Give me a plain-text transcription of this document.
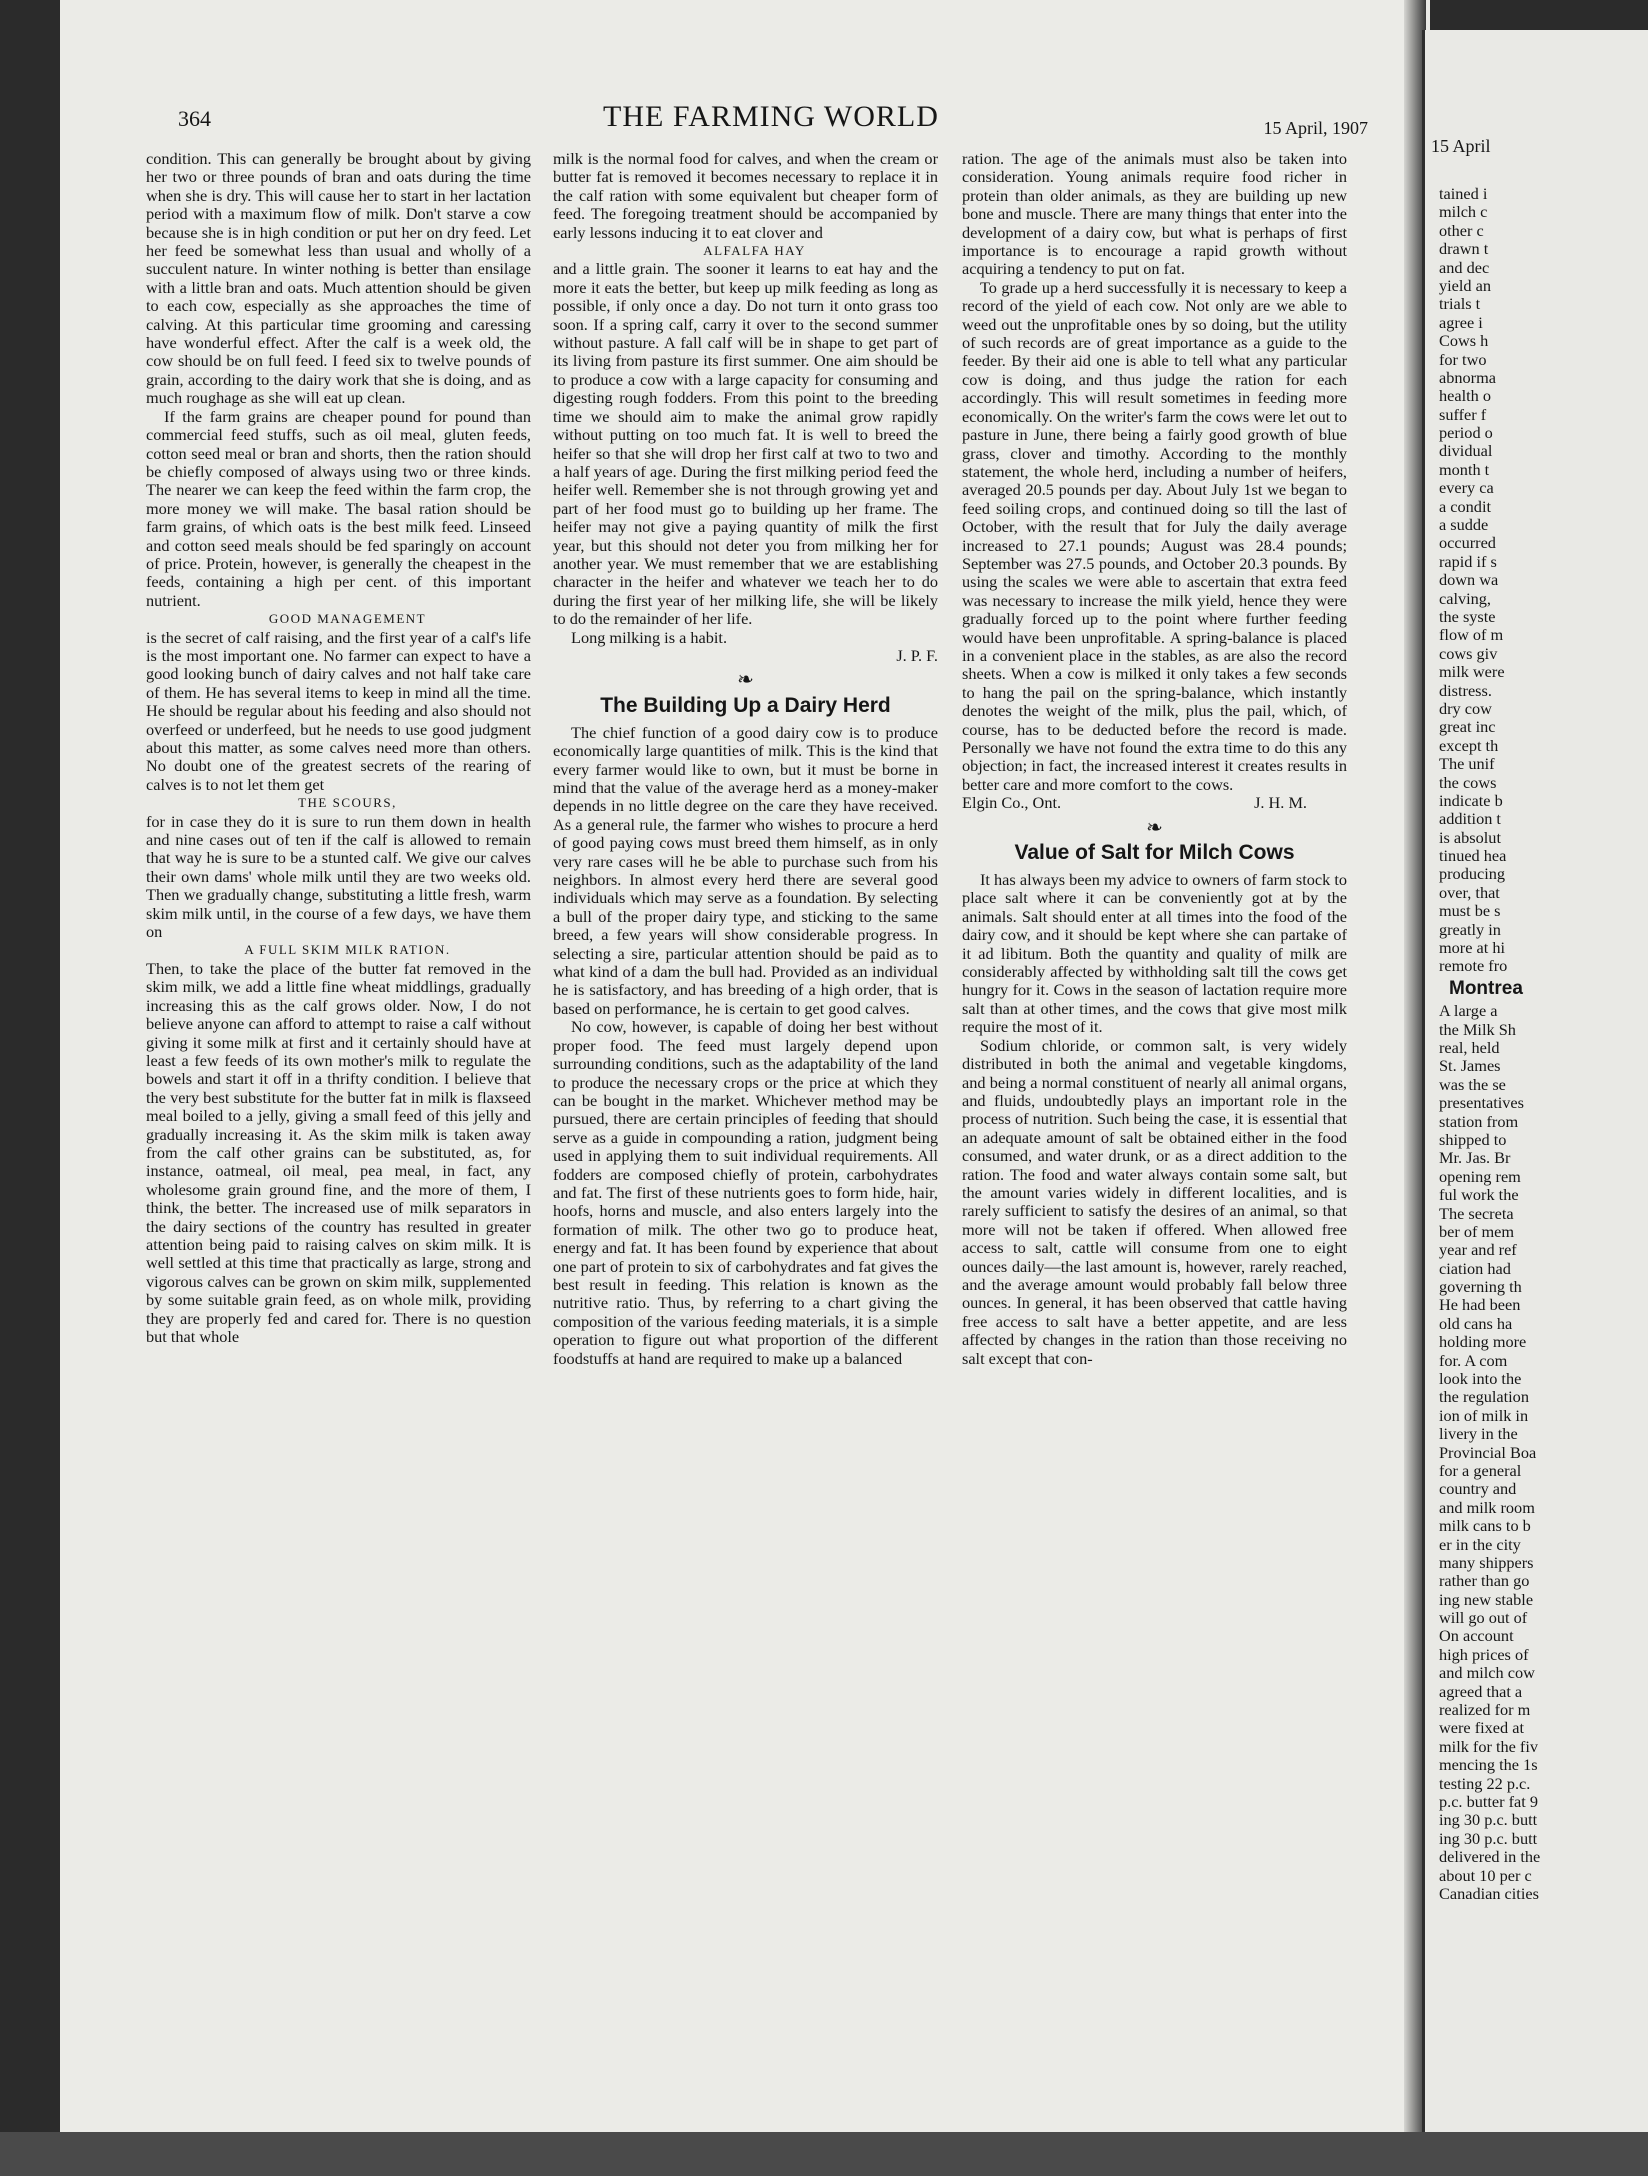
364	THE FARMING WORLD	15 April, 1907

condition. This can generally be brought about by giving her two or three pounds of bran and oats during the time when she is dry. This will cause her to start in her lactation period with a maximum flow of milk. Don't starve a cow because she is in high condition or put her on dry feed. Let her feed be somewhat less than usual and wholly of a succulent nature. In winter nothing is better than ensilage with a little bran and oats. Much attention should be given to each cow, especially as she approaches the time of calving. At this particular time grooming and caressing have wonderful effect. After the calf is a week old, the cow should be on full feed. I feed six to twelve pounds of grain, according to the dairy work that she is doing, and as much roughage as she will eat up clean.

If the farm grains are cheaper pound for pound than commercial feed stuffs, such as oil meal, gluten feeds, cotton seed meal or bran and shorts, then the ration should be chiefly composed of always using two or three kinds. The nearer we can keep the feed within the farm crop, the more money we will make. The basal ration should be farm grains, of which oats is the best milk feed. Linseed and cotton seed meals should be fed sparingly on account of price. Protein, however, is generally the cheapest in the feeds, containing a high per cent. of this important nutrient.

GOOD MANAGEMENT

is the secret of calf raising, and the first year of a calf's life is the most important one. No farmer can expect to have a good looking bunch of dairy calves and not half take care of them. He has several items to keep in mind all the time. He should be regular about his feeding and also should not overfeed or underfeed, but he needs to use good judgment about this matter, as some calves need more than others. No doubt one of the greatest secrets of the rearing of calves is to not let them get

THE SCOURS,

for in case they do it is sure to run them down in health and nine cases out of ten if the calf is allowed to remain that way he is sure to be a stunted calf. We give our calves their own dams' whole milk until they are two weeks old. Then we gradually change, substituting a little fresh, warm skim milk until, in the course of a few days, we have them on

A FULL SKIM MILK RATION.

Then, to take the place of the butter fat removed in the skim milk, we add a little fine wheat middlings, gradually increasing this as the calf grows older. Now, I do not believe anyone can afford to attempt to raise a calf without giving it some milk at first and it certainly should have at least a few feeds of its own mother's milk to regulate the bowels and start it off in a thrifty condition. I believe that the very best substitute for the butter fat in milk is flaxseed meal boiled to a jelly, giving a small feed of this jelly and gradually increasing it. As the skim milk is taken away from the calf other grains can be substituted, as, for instance, oatmeal, oil meal, pea meal, in fact, any wholesome grain ground fine, and the more of them, I think, the better. The increased use of milk separators in the dairy sections of the country has resulted in greater attention being paid to raising calves on skim milk. It is well settled at this time that practically as large, strong and vigorous calves can be grown on skim milk, supplemented by some suitable grain feed, as on whole milk, providing they are properly fed and cared for. There is no question but that whole

milk is the normal food for calves, and when the cream or butter fat is removed it becomes necessary to replace it in the calf ration with some equivalent but cheaper form of feed. The foregoing treatment should be accompanied by early lessons inducing it to eat clover and

ALFALFA HAY

and a little grain. The sooner it learns to eat hay and the more it eats the better, but keep up milk feeding as long as possible, if only once a day. Do not turn it onto grass too soon. If a spring calf, carry it over to the second summer without pasture. A fall calf will be in shape to get part of its living from pasture its first summer. One aim should be to produce a cow with a large capacity for consuming and digesting rough fodders. From this point to the breeding time we should aim to make the animal grow rapidly without putting on too much fat. It is well to breed the heifer so that she will drop her first calf at two to two and a half years of age. During the first milking period feed the heifer well. Remember she is not through growing yet and part of her food must go to building up her frame. The heifer may not give a paying quantity of milk the first year, but this should not deter you from milking her for another year. We must remember that we are establishing character in the heifer and whatever we teach her to do during the first year of her milking life, she will be likely to do the remainder of her life.

Long milking is a habit.

J. P. F.

❧
The Building Up a Dairy Herd

The chief function of a good dairy cow is to produce economically large quantities of milk. This is the kind that every farmer would like to own, but it must be borne in mind that the value of the average herd as a money-maker depends in no little degree on the care they have received. As a general rule, the farmer who wishes to procure a herd of good paying cows must breed them himself, as in only very rare cases will he be able to purchase such from his neighbors. In almost every herd there are several good individuals which may serve as a foundation. By selecting a bull of the proper dairy type, and sticking to the same breed, a few years will show considerable progress. In selecting a sire, particular attention should be paid as to what kind of a dam the bull had. Provided as an individual he is satisfactory, and has breeding of a high order, that is based on performance, he is certain to get good calves.

No cow, however, is capable of doing her best without proper food. The feed must largely depend upon surrounding conditions, such as the adaptability of the land to produce the necessary crops or the price at which they can be bought in the market. Whichever method may be pursued, there are certain principles of feeding that should serve as a guide in compounding a ration, judgment being used in applying them to suit individual requirements. All fodders are composed chiefly of protein, carbohydrates and fat. The first of these nutrients goes to form hide, hair, hoofs, horns and muscle, and also enters largely into the formation of milk. The other two go to produce heat, energy and fat. It has been found by experience that about one part of protein to six of carbohydrates and fat gives the best result in feeding. This relation is known as the nutritive ratio. Thus, by referring to a chart giving the composition of the various feeding materials, it is a simple operation to figure out what proportion of the different foodstuffs at hand are required to make up a balanced

ration. The age of the animals must also be taken into consideration. Young animals require food richer in protein than older animals, as they are building up new bone and muscle. There are many things that enter into the development of a dairy cow, but what is perhaps of first importance is to encourage a rapid growth without acquiring a tendency to put on fat.

To grade up a herd successfully it is necessary to keep a record of the yield of each cow. Not only are we able to weed out the unprofitable ones by so doing, but the utility of such records are of great importance as a guide to the feeder. By their aid one is able to tell what any particular cow is doing, and thus judge the ration for each accordingly. This will result sometimes in feeding more economically. On the writer's farm the cows were let out to pasture in June, there being a fairly good growth of blue grass, clover and timothy. According to the monthly statement, the whole herd, including a number of heifers, averaged 20.5 pounds per day. About July 1st we began to feed soiling crops, and continued doing so till the last of October, with the result that for July the daily average increased to 27.1 pounds; August was 28.4 pounds; September was 27.5 pounds, and October 20.3 pounds. By using the scales we were able to ascertain that extra feed was necessary to increase the milk yield, hence they were gradually forced up to the point where further feeding would have been unprofitable. A spring-balance is placed in a convenient place in the stables, as are also the record sheets. When a cow is milked it only takes a few seconds to hang the pail on the spring-balance, which instantly denotes the weight of the milk, plus the pail, which, of course, has to be deducted before the record is made. Personally we have not found the extra time to do this any objection; in fact, the increased interest it creates results in better care and more comfort to the cows.

Elgin Co., Ont.	J. H. M.
❧
Value of Salt for Milch Cows

It has always been my advice to owners of farm stock to place salt where it can be conveniently got at by the animals. Salt should enter at all times into the food of the dairy cow, and it should be kept where she can partake of it ad libitum. Both the quantity and quality of milk are considerably affected by withholding salt till the cows get hungry for it. Cows in the season of lactation require more salt than at other times, and the cows that give most milk require the most of it.

Sodium chloride, or common salt, is very widely distributed in both the animal and vegetable kingdoms, and being a normal constituent of nearly all animal organs, and fluids, undoubtedly plays an important role in the process of nutrition. Such being the case, it is essential that an adequate amount of salt be obtained either in the food consumed, and water drunk, or as a direct addition to the ration. The food and water always contain some salt, but the amount varies widely in different localities, and is rarely sufficient to satisfy the desires of an animal, so that more will not be taken if offered. When allowed free access to salt, cattle will consume from one to eight ounces daily—the last amount is, however, rarely reached, and the average amount would probably fall below three ounces. In general, it has been observed that cattle having free access to salt have a better appetite, and are less affected by changes in the ration than those receiving no salt except that con-

15 April
tained i
milch c
other c
drawn t
and dec
yield an
trials t
agree i
Cows h
for two
abnorma
health o
suffer f
period o
dividual
month t
every ca
a condit
a sudde
occurred
rapid if s
down wa
calving,
the syste
flow of m
cows giv
milk were
distress.
dry cow
great inc
except th
The unif
the cows
indicate b
addition t
is absolut
tinued hea
producing
over, that
must be s
greatly in
more at hi
remote fro
Montrea
A large a
the Milk Sh
real, held
St. James
was the se
presentatives
station from
shipped to
Mr. Jas. Br
opening rem
ful work the
The secreta
ber of mem
year and ref
ciation had
governing th
He had been
old cans ha
holding more
for. A com
look into the
the regulation
ion of milk in
livery in the
Provincial Boa
for a general
country and
and milk room
milk cans to b
er in the city
many shippers
rather than go
ing new stable
will go out of
On account
high prices of
and milch cow
agreed that a
realized for m
were fixed at
milk for the fiv
mencing the 1s
testing 22 p.c.
p.c. butter fat 9
ing 30 p.c. butt
ing 30 p.c. butt
delivered in the
about 10 per c
Canadian cities
